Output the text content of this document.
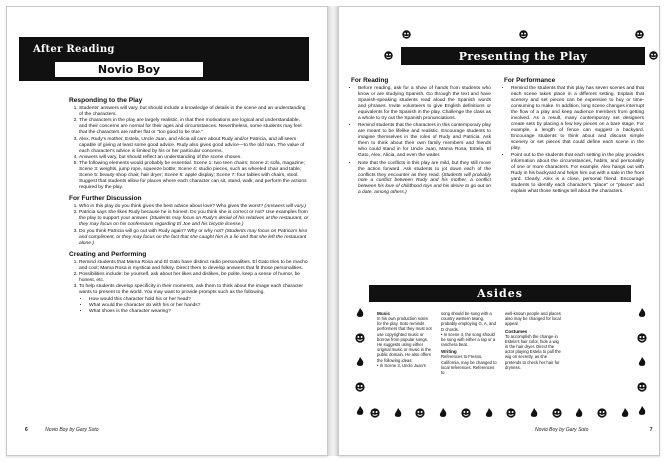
After Reading
Novio Boy
Responding to the Play
1. Students' answers will vary, but should include a knowledge of details in the scene and an understanding of the characters.
2. The characters in the play are largely realistic, in that their motivations are logical and understandable, and their concerns are normal for their ages and circumstances. Nevertheless, some students may feel that the characters are rather flat or "too good to be true."
3. Alex, Rudy's mother, Estela, Uncle Juan, and Alicia all care about Rudy and/or Patricia, and all seem capable of giving at least some good advice. Rudy also gives good advice—to the old man. The value of each character's advice is limited by his or her particular concerns.
4. Answers will vary, but should reflect an understanding of the scene chosen.
5. The following elements would probably be essential. Scene 1: two teen chairs; Scene 2: sofa, magazine; Scene 3: weights, jump rope, squeeze bottle; Scene 4: studio pieces, such as wheeled chair and table; Scene 5: beauty-shop chair, hair dryer; Scene 6: apple display; Scene 7: four tables with chairs, stool. Suggest that students allow for places where each character can sit, stand, walk, and perform the actions required by the play.
For Further Discussion
1. Who in this play do you think gives the best advice about love? Who gives the worst? (Answers will vary.)
2. Patricia says she likes Rudy because he is honest. Do you think she is correct or not? Use examples from the play to support your answer. (Students may focus on Rudy's denial of his relatives at the restaurant, or they may focus on his confessions regarding El Joe and his bicycle license.)
3. Do you think Patricia will go out with Rudy again? Why or why not? (Students may focus on Patricia's kiss and compliment, or they may focus on the fact that she caught him in a lie and that she left the restaurant alone.)
Creating and Performing
1. Remind students that Mama Rosa and El Gato have distinct radio personalities. El Gato tries to be macho and cool; Mama Rosa is mystical and folksy. Direct them to develop answers that fit those personalities.
2. Possibilities include: be yourself, ask about her likes and dislikes, be polite, keep a sense of humor, be honest, etc.
3. To help students develop specificity in their moments, ask them to think about the image each character wants to present to the world. You may want to provide prompts such as the following.
• How would this character hold his or her head?
• What would the character do with his or her hands?
• What shoes is the character wearing?
6	Novio Boy by Gary Soto
Presenting the Play
For Reading
• Before reading, ask for a show of hands from students who know or are studying Spanish. Go through the text and have Spanish-speaking students read aloud the Spanish words and phrases. Invite volunteers to give English definitions or equivalents for the Spanish in the play. Challenge the class as a whole to try out the Spanish pronunciations.
• Remind students that the characters in this contemporary play are meant to be lifelike and realistic. Encourage students to imagine themselves in the roles of Rudy and Patricia. Ask them to think about their own family members and friends who could stand in for Uncle Juan, Mama Rosa, Estela, El Gato, Alex, Alicia, and even the waiter.
• Note that the conflicts in this play are mild, but they still move the action forward. Ask students to jot down each of the conflicts they encounter as they read. (Students will probably note a conflict between Rudy and his mother, a conflict between his love of childhood toys and his desire to go out on a date, among others.)
For Performance
• Remind the students that this play has seven scenes and that each scene takes place in a different setting. Explain that scenery and set pieces can be expensive to buy or time-consuming to make. In addition, long scene changes interrupt the flow of a play and keep audience members from getting involved. As a result, many contemporary set designers create sets by placing a few key pieces on a bare stage. For example, a length of fence can suggest a backyard. Encourage students to think about and discuss simple scenery or set pieces that could define each scene in the play.
• Point out to the students that each setting in the play provides information about the circumstances, habits, and personality of one or more characters. For example, Alex hangs out with Rudy in his backyard and helps him out with a sale in the front yard. Clearly, Alex is a close, personal friend. Encourage students to identify each character's "place" or "places" and explain what those settings tell about the characters.
Asides
Music

In his own production notes for the play, Soto reminds performers that they must not use copyrighted music or borrow from popular songs. He suggests using either original music or music in the public domain. He also offers the following ideas:

• In Scene 3, Uncle Juan's

song should be sung with a country western twang, probably employing G, A, and D chords.

• In scene 4, the song should be sung with either a rap or a ranchera beat.

Writing

References to Fresno, California, may be changed to local references. References to

well-known people and places also may be changed for local appeal.

Costumes

To accomplish the change in Estela's hair color, hide a wig in the hair dryer. Direct the actor playing Estela to pull the wig on secretly, as she pretends to check her hair for dryness.

Novio Boy by Gary Soto	7
